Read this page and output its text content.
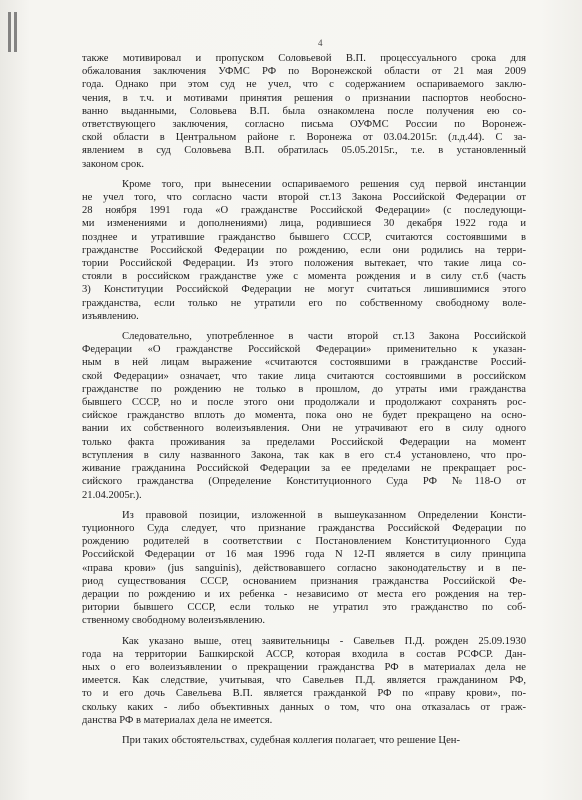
4
также мотивировал и пропуском Соловьевой В.П. процессуального срока для
обжалования заключения УФМС РФ по Воронежской области от 21 мая 2009
года. Однако при этом суд не учел, что с содержанием оспариваемого заклю-
чения, в т.ч. и мотивами принятия решения о признании паспортов необосно-
ванно выданными, Соловьева В.П. была ознакомлена после получения ею со-
ответствующего заключения, согласно письма ОУФМС России по Воронеж-
ской области в Центральном районе г. Воронежа от 03.04.2015г. (л.д.44). С за-
явлением в суд Соловьева В.П. обратилась 05.05.2015г., т.е. в установленный
законом срок.
Кроме того, при вынесении оспариваемого решения суд первой инстанции
не учел того, что согласно части второй ст.13 Закона Российской Федерации от
28 ноября 1991 года «О гражданстве Российской Федерации» (с последующи-
ми изменениями и дополнениями) лица, родившиеся 30 декабря 1922 года и
позднее и утратившие гражданство бывшего СССР, считаются состоявшими в
гражданстве Российской Федерации по рождению, если они родились на терри-
тории Российской Федерации. Из этого положения вытекает, что такие лица со-
стояли в российском гражданстве уже с момента рождения и в силу ст.6 (часть
3) Конституции Российской Федерации не могут считаться лишившимися этого
гражданства, если только не утратили его по собственному свободному воле-
изъявлению.
Следовательно, употребленное в части второй ст.13 Закона Российской
Федерации «О гражданстве Российской Федерации» применительно к указан-
ным в ней лицам выражение «считаются состоявшими в гражданстве Россий-
ской Федерации» означает, что такие лица считаются состоявшими в российском
гражданстве по рождению не только в прошлом, до утраты ими гражданства
бывшего СССР, но и после этого они продолжали и продолжают сохранять рос-
сийское гражданство вплоть до момента, пока оно не будет прекращено на осно-
вании их собственного волеизъявления. Они не утрачивают его в силу одного
только факта проживания за пределами Российской Федерации на момент
вступления в силу названного Закона, так как в его ст.4 установлено, что про-
живание гражданина Российской Федерации за ее пределами не прекращает рос-
сийского гражданства (Определение Конституционного Суда РФ №118-О от
21.04.2005г.).
Из правовой позиции, изложенной в вышеуказанном Определении Консти-
туционного Суда следует, что признание гражданства Российской Федерации по
рождению родителей в соответствии с Постановлением Конституционного Суда
Российской Федерации от 16 мая 1996 года N 12-П является в силу принципа
«права крови» (jus sanguinis), действовавшего согласно законодательству и в пе-
риод существования СССР, основанием признания гражданства Российской Фе-
дерации по рождению и их ребенка - независимо от места его рождения на тер-
ритории бывшего СССР, если только не утратил это гражданство по соб-
ственному свободному волеизъявлению.
Как указано выше, отец заявительницы - Савельев П.Д. рожден 25.09.1930
года на территории Башкирской АССР, которая входила в состав РСФСР. Дан-
ных о его волеизъявлении о прекращении гражданства РФ в материалах дела не
имеется. Как следствие, учитывая, что Савельев П.Д. является гражданином РФ,
то и его дочь Савельева В.П. является гражданкой РФ по «праву крови», по-
скольку каких - либо объективных данных о том, что она отказалась от граж-
данства РФ в материалах дела не имеется.
При таких обстоятельствах, судебная коллегия полагает, что решение Цен-
